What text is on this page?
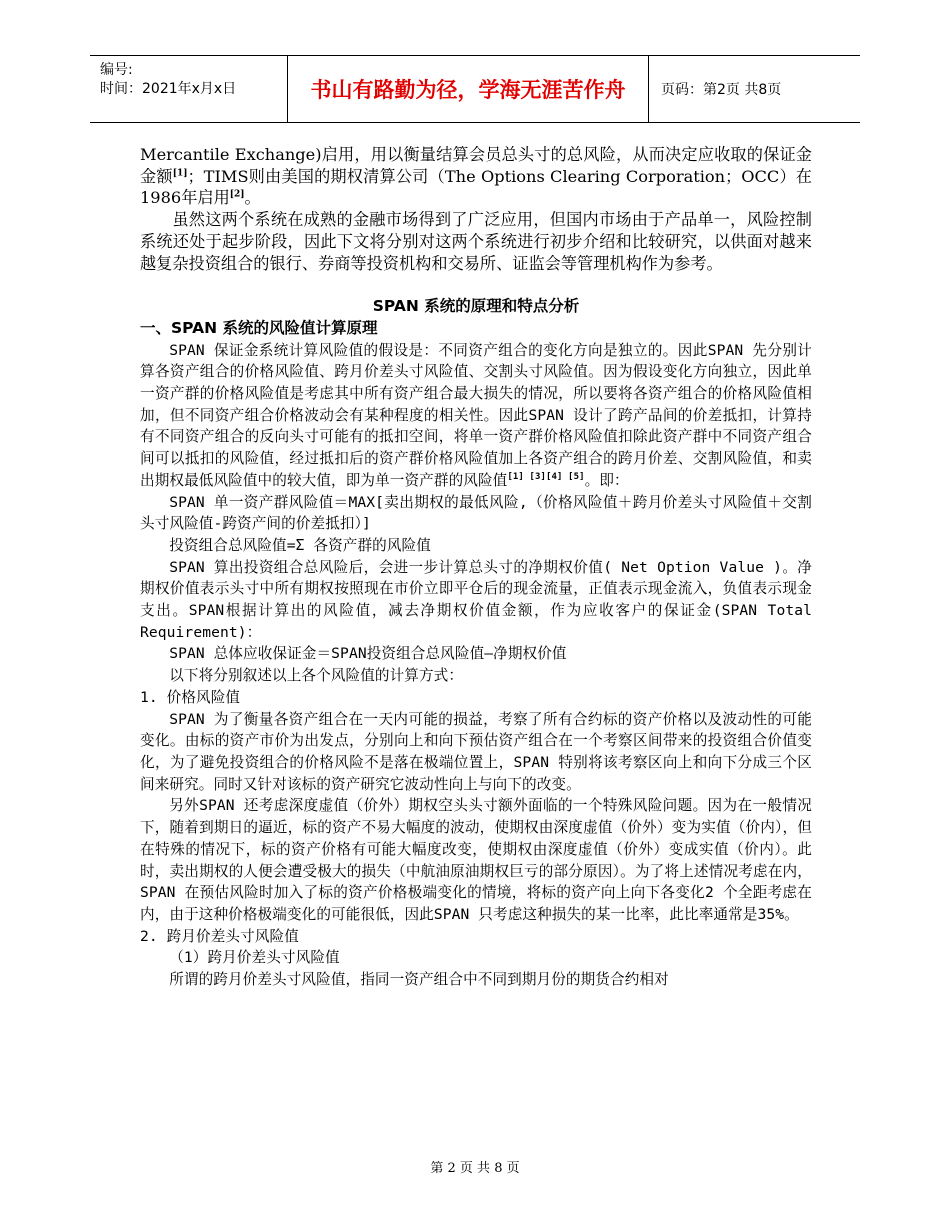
编号:
时间：2021年x月x日	书山有路勤为径，学海无涯苦作舟	页码：第2页 共8页

Mercantile Exchange)启用，用以衡量结算会员总头寸的总风险，从而决定应收取的保证金金额[1]；TIMS则由美国的期权清算公司（The Options Clearing Corporation；OCC）在1986年启用[2]。

虽然这两个系统在成熟的金融市场得到了广泛应用，但国内市场由于产品单一，风险控制系统还处于起步阶段，因此下文将分别对这两个系统进行初步介绍和比较研究，以供面对越来越复杂投资组合的银行、券商等投资机构和交易所、证监会等管理机构作为参考。

SPAN 系统的原理和特点分析

一、SPAN 系统的风险值计算原理

SPAN 保证金系统计算风险值的假设是：不同资产组合的变化方向是独立的。因此SPAN 先分别计算各资产组合的价格风险值、跨月价差头寸风险值、交割头寸风险值。因为假设变化方向独立，因此单一资产群的价格风险值是考虑其中所有资产组合最大损失的情况，所以要将各资产组合的价格风险值相加，但不同资产组合价格波动会有某种程度的相关性。因此SPAN 设计了跨产品间的价差抵扣，计算持有不同资产组合的反向头寸可能有的抵扣空间，将单一资产群价格风险值扣除此资产群中不同资产组合间可以抵扣的风险值，经过抵扣后的资产群价格风险值加上各资产组合的跨月价差、交割风险值，和卖出期权最低风险值中的较大值，即为单一资产群的风险值[1] [3][4] [5]。即：

SPAN 单一资产群风险值＝MAX[卖出期权的最低风险,（价格风险值＋跨月价差头寸风险值＋交割头寸风险值-跨资产间的价差抵扣）]

投资组合总风险值=Σ 各资产群的风险值

SPAN 算出投资组合总风险后，会进一步计算总头寸的净期权价值( Net Option Value )。净期权价值表示头寸中所有期权按照现在市价立即平仓后的现金流量，正值表示现金流入，负值表示现金支出。SPAN根据计算出的风险值，减去净期权价值金额，作为应收客户的保证金(SPAN Total Requirement)：

SPAN 总体应收保证金＝SPAN投资组合总风险值—净期权价值

以下将分别叙述以上各个风险值的计算方式：

1. 价格风险值

SPAN 为了衡量各资产组合在一天内可能的损益，考察了所有合约标的资产价格以及波动性的可能变化。由标的资产市价为出发点，分别向上和向下预估资产组合在一个考察区间带来的投资组合价值变化，为了避免投资组合的价格风险不是落在极端位置上，SPAN 特别将该考察区向上和向下分成三个区间来研究。同时又针对该标的资产研究它波动性向上与向下的改变。

另外SPAN 还考虑深度虚值（价外）期权空头头寸额外面临的一个特殊风险问题。因为在一般情况下，随着到期日的逼近，标的资产不易大幅度的波动，使期权由深度虚值（价外）变为实值（价内），但在特殊的情况下，标的资产价格有可能大幅度改变，使期权由深度虚值（价外）变成实值（价内）。此时，卖出期权的人便会遭受极大的损失（中航油原油期权巨亏的部分原因）。为了将上述情况考虑在内，SPAN 在预估风险时加入了标的资产价格极端变化的情境，将标的资产向上向下各变化2 个全距考虑在内，由于这种价格极端变化的可能很低，因此SPAN 只考虑这种损失的某一比率，此比率通常是35%。

2. 跨月价差头寸风险值

（1）跨月价差头寸风险值

所谓的跨月价差头寸风险值，指同一资产组合中不同到期月份的期货合约相对

第 2 页 共 8 页
